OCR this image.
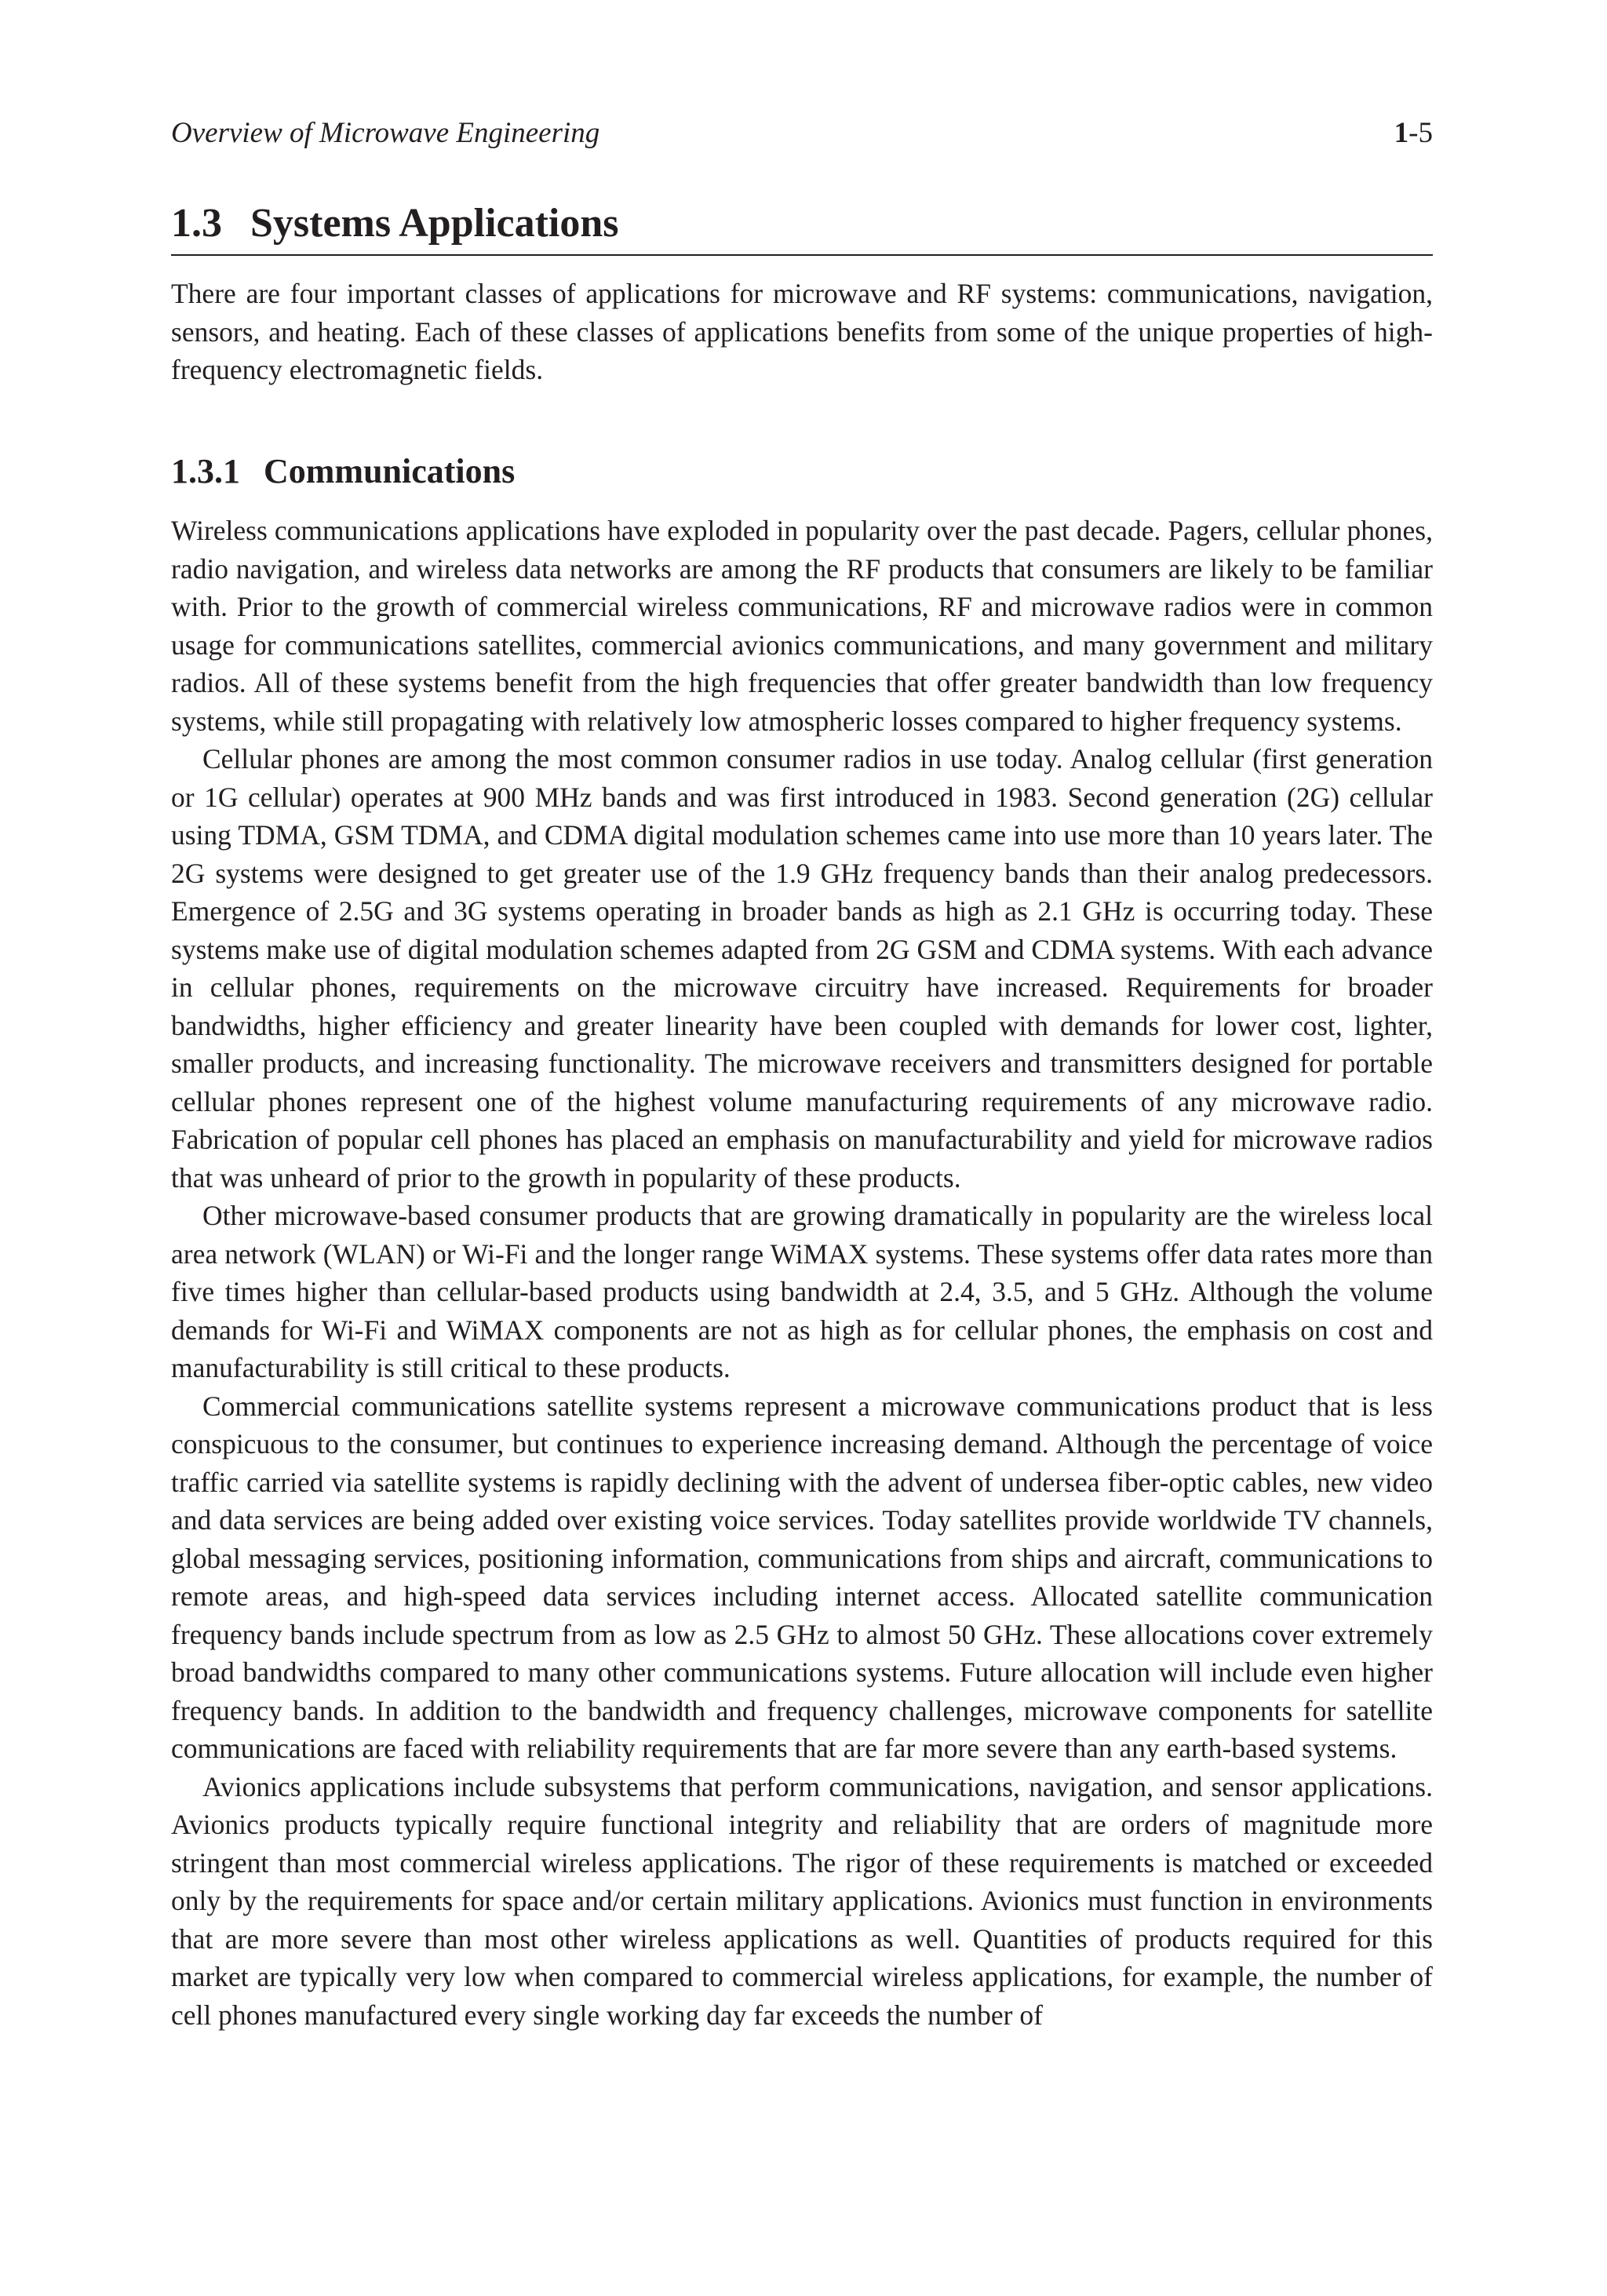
Overview of Microwave Engineering	1-5
1.3 Systems Applications

There are four important classes of applications for microwave and RF systems: communications, navigation, sensors, and heating. Each of these classes of applications benefits from some of the unique properties of high-frequency electromagnetic fields.

1.3.1 Communications

Wireless communications applications have exploded in popularity over the past decade. Pagers, cellular phones, radio navigation, and wireless data networks are among the RF products that consumers are likely to be familiar with. Prior to the growth of commercial wireless communications, RF and microwave radios were in common usage for communications satellites, commercial avionics communications, and many government and military radios. All of these systems benefit from the high frequencies that offer greater bandwidth than low frequency systems, while still propagating with relatively low atmospheric losses compared to higher frequency systems.

Cellular phones are among the most common consumer radios in use today. Analog cellular (first generation or 1G cellular) operates at 900 MHz bands and was first introduced in 1983. Second generation (2G) cellular using TDMA, GSM TDMA, and CDMA digital modulation schemes came into use more than 10 years later. The 2G systems were designed to get greater use of the 1.9 GHz frequency bands than their analog predecessors. Emergence of 2.5G and 3G systems operating in broader bands as high as 2.1 GHz is occurring today. These systems make use of digital modulation schemes adapted from 2G GSM and CDMA systems. With each advance in cellular phones, requirements on the microwave circuitry have increased. Requirements for broader bandwidths, higher efficiency and greater linearity have been coupled with demands for lower cost, lighter, smaller products, and increasing functionality. The microwave receivers and transmitters designed for portable cellular phones represent one of the highest volume manufacturing requirements of any microwave radio. Fabrication of popular cell phones has placed an emphasis on manufacturability and yield for microwave radios that was unheard of prior to the growth in popularity of these products.

Other microwave-based consumer products that are growing dramatically in popularity are the wireless local area network (WLAN) or Wi-Fi and the longer range WiMAX systems. These systems offer data rates more than five times higher than cellular-based products using bandwidth at 2.4, 3.5, and 5 GHz. Although the volume demands for Wi-Fi and WiMAX components are not as high as for cellular phones, the emphasis on cost and manufacturability is still critical to these products.

Commercial communications satellite systems represent a microwave communications product that is less conspicuous to the consumer, but continues to experience increasing demand. Although the percentage of voice traffic carried via satellite systems is rapidly declining with the advent of undersea fiber-optic cables, new video and data services are being added over existing voice services. Today satellites provide worldwide TV channels, global messaging services, positioning information, communications from ships and aircraft, communications to remote areas, and high-speed data services including internet access. Allocated satellite communication frequency bands include spectrum from as low as 2.5 GHz to almost 50 GHz. These allocations cover extremely broad bandwidths compared to many other communications systems. Future allocation will include even higher frequency bands. In addition to the bandwidth and frequency challenges, microwave components for satellite communications are faced with reliability requirements that are far more severe than any earth-based systems.

Avionics applications include subsystems that perform communications, navigation, and sensor applications. Avionics products typically require functional integrity and reliability that are orders of magnitude more stringent than most commercial wireless applications. The rigor of these requirements is matched or exceeded only by the requirements for space and/or certain military applications. Avionics must function in environments that are more severe than most other wireless applications as well. Quantities of products required for this market are typically very low when compared to commercial wireless applications, for example, the number of cell phones manufactured every single working day far exceeds the number of
